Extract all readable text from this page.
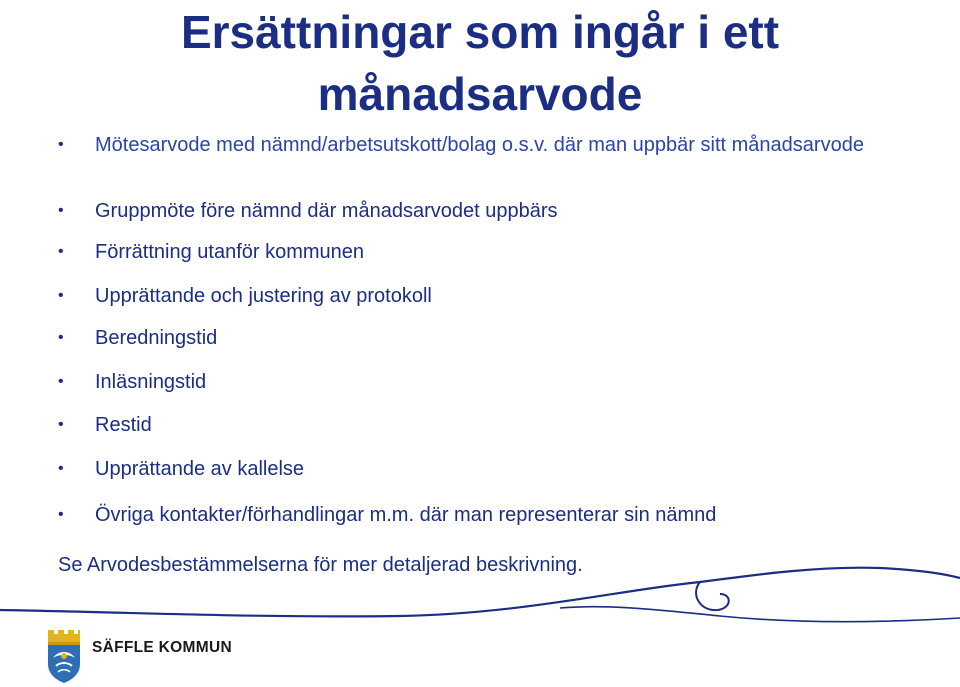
Ersättningar som ingår i ett
månadsarvode
• Mötesarvode med nämnd/arbetsutskott/bolag o.s.v. där man uppbär sitt månadsarvode
• Gruppmöte före nämnd där månadsarvodet uppbärs
• Förrättning utanför kommunen
• Upprättande och justering av protokoll
• Beredningstid
• Inläsningstid
• Restid
• Upprättande av kallelse
• Övriga kontakter/förhandlingar m.m. där man representerar sin nämnd

Se Arvodesbestämmelserna för mer detaljerad beskrivning.

SÄFFLE KOMMUN
